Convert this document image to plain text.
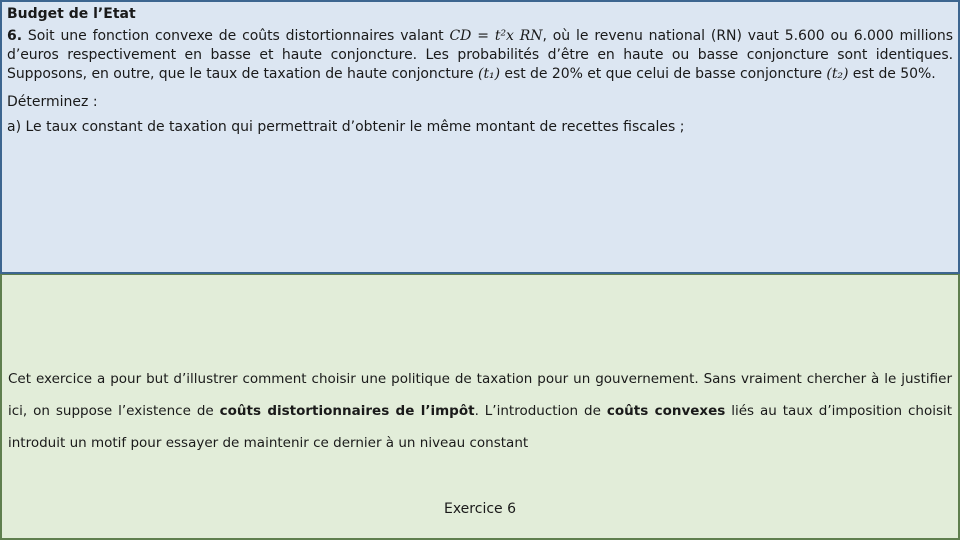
Budget de l’Etat

6. Soit une fonction convexe de coûts distortionnaires valant CD = t²x RN, où le revenu national (RN) vaut 5.600 ou 6.000 millions d’euros respectivement en basse et haute conjoncture. Les probabilités d’être en haute ou basse conjoncture sont identiques. Supposons, en outre, que le taux de taxation de haute conjoncture (t₁) est de 20% et que celui de basse conjoncture (t₂) est de 50%.

Déterminez :
a) Le taux constant de taxation qui permettrait d’obtenir le même montant de recettes fiscales ;

Cet exercice a pour but d’illustrer comment choisir une politique de taxation pour un gouvernement. Sans vraiment chercher à le justifier ici, on suppose l’existence de coûts distortionnaires de l’impôt. L’introduction de coûts convexes liés au taux d’imposition choisit introduit un motif pour essayer de maintenir ce dernier à un niveau constant

Exercice 6
